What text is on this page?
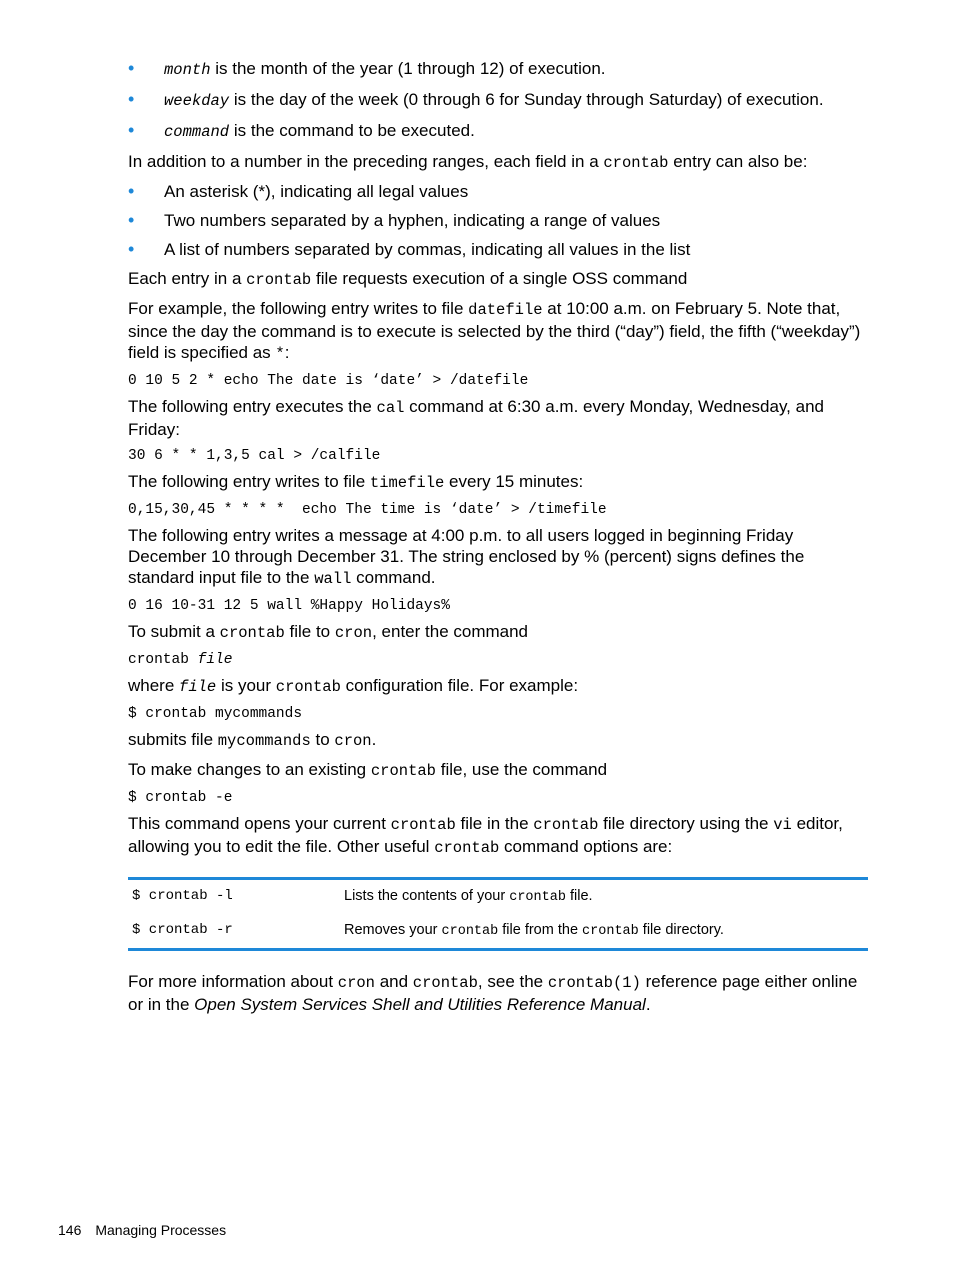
• month is the month of the year (1 through 12) of execution.
• weekday is the day of the week (0 through 6 for Sunday through Saturday) of execution.
• command is the command to be executed.

In addition to a number in the preceding ranges, each field in a crontab entry can also be:

• An asterisk (*), indicating all legal values
• Two numbers separated by a hyphen, indicating a range of values
• A list of numbers separated by commas, indicating all values in the list

Each entry in a crontab file requests execution of a single OSS command

For example, the following entry writes to file datefile at 10:00 a.m. on February 5. Note that, since the day the command is to execute is selected by the third (“day”) field, the fifth (“weekday”) field is specified as *:

0 10 5 2 * echo The date is ‘date’ > /datefile

The following entry executes the cal command at 6:30 a.m. every Monday, Wednesday, and Friday:

30 6 * * 1,3,5 cal > /calfile

The following entry writes to file timefile every 15 minutes:

0,15,30,45 * * * *  echo The time is ‘date’ > /timefile

The following entry writes a message at 4:00 p.m. to all users logged in beginning Friday December 10 through December 31. The string enclosed by % (percent) signs defines the standard input file to the wall command.

0 16 10-31 12 5 wall %Happy Holidays%

To submit a crontab file to cron, enter the command

crontab file

where file is your crontab configuration file. For example:

$ crontab mycommands

submits file mycommands to cron.

To make changes to an existing crontab file, use the command

$ crontab -e

This command opens your current crontab file in the crontab file directory using the vi editor, allowing you to edit the file. Other useful crontab command options are:

$ crontab -l	Lists the contents of your crontab file.
$ crontab -r	Removes your crontab file from the crontab file directory.

For more information about cron and crontab, see the crontab(1) reference page either online or in the Open System Services Shell and Utilities Reference Manual.

146 Managing Processes
